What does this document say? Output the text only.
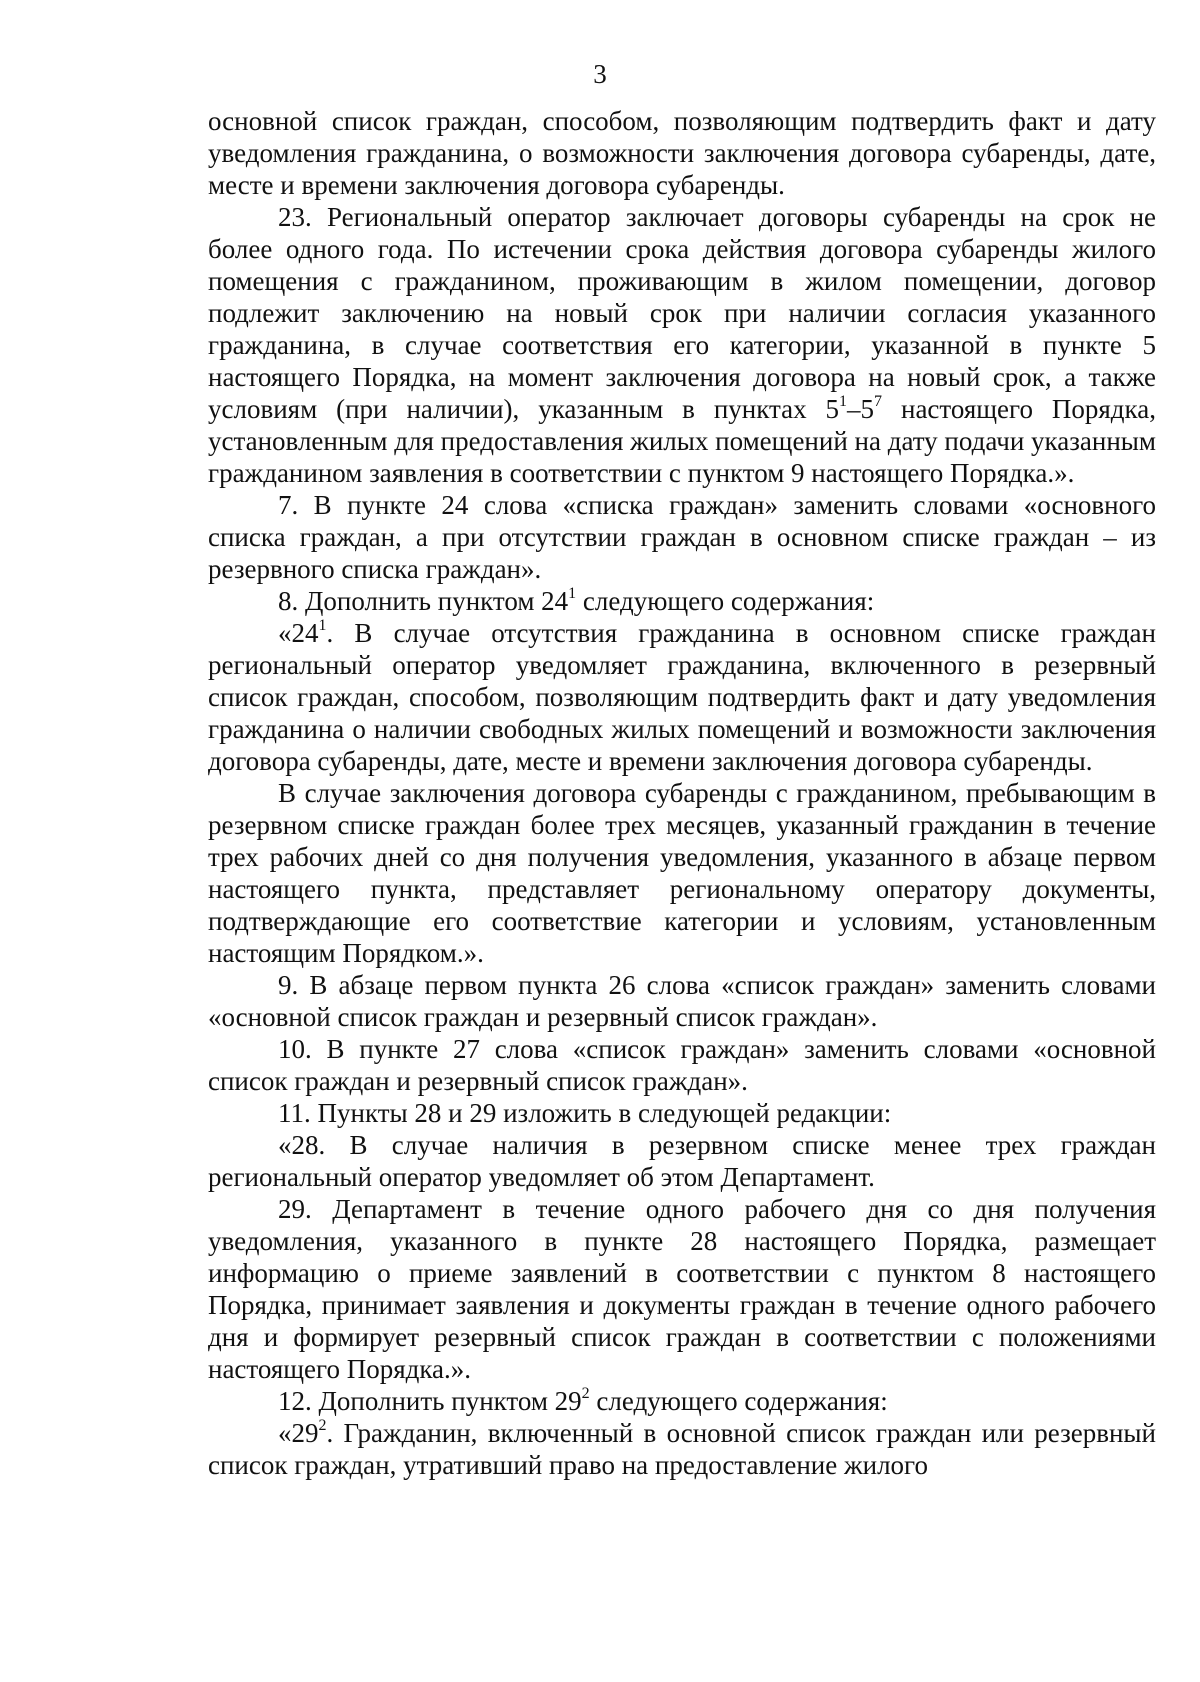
3

основной список граждан, способом, позволяющим подтвердить факт и дату уведомления гражданина, о возможности заключения договора субаренды, дате, месте и времени заключения договора субаренды.

23. Региональный оператор заключает договоры субаренды на срок не более одного года. По истечении срока действия договора субаренды жилого помещения с гражданином, проживающим в жилом помещении, договор подлежит заключению на новый срок при наличии согласия указанного гражданина, в случае соответствия его категории, указанной в пункте 5 настоящего Порядка, на момент заключения договора на новый срок, а также условиям (при наличии), указанным в пунктах $5^1-5^7$ настоящего Порядка, установленным для предоставления жилых помещений на дату подачи указанным гражданином заявления в соответствии с пунктом 9 настоящего Порядка.».

7. В пункте 24 слова «списка граждан» заменить словами «основного списка граждан, а при отсутствии граждан в основном списке граждан – из резервного списка граждан».

8. Дополнить пунктом $24^1$ следующего содержания:

«$24^1$. В случае отсутствия гражданина в основном списке граждан региональный оператор уведомляет гражданина, включенного в резервный список граждан, способом, позволяющим подтвердить факт и дату уведомления гражданина о наличии свободных жилых помещений и возможности заключения договора субаренды, дате, месте и времени заключения договора субаренды.

В случае заключения договора субаренды с гражданином, пребывающим в резервном списке граждан более трех месяцев, указанный гражданин в течение трех рабочих дней со дня получения уведомления, указанного в абзаце первом настоящего пункта, представляет региональному оператору документы, подтверждающие его соответствие категории и условиям, установленным настоящим Порядком.».

9. В абзаце первом пункта 26 слова «список граждан» заменить словами «основной список граждан и резервный список граждан».

10. В пункте 27 слова «список граждан» заменить словами «основной список граждан и резервный список граждан».

11. Пункты 28 и 29 изложить в следующей редакции:

«28. В случае наличия в резервном списке менее трех граждан региональный оператор уведомляет об этом Департамент.

29. Департамент в течение одного рабочего дня со дня получения уведомления, указанного в пункте 28 настоящего Порядка, размещает информацию о приеме заявлений в соответствии с пунктом 8 настоящего Порядка, принимает заявления и документы граждан в течение одного рабочего дня и формирует резервный список граждан в соответствии с положениями настоящего Порядка.».

12. Дополнить пунктом $29^2$ следующего содержания:

«$29^2$. Гражданин, включенный в основной список граждан или резервный список граждан, утративший право на предоставление жилого
